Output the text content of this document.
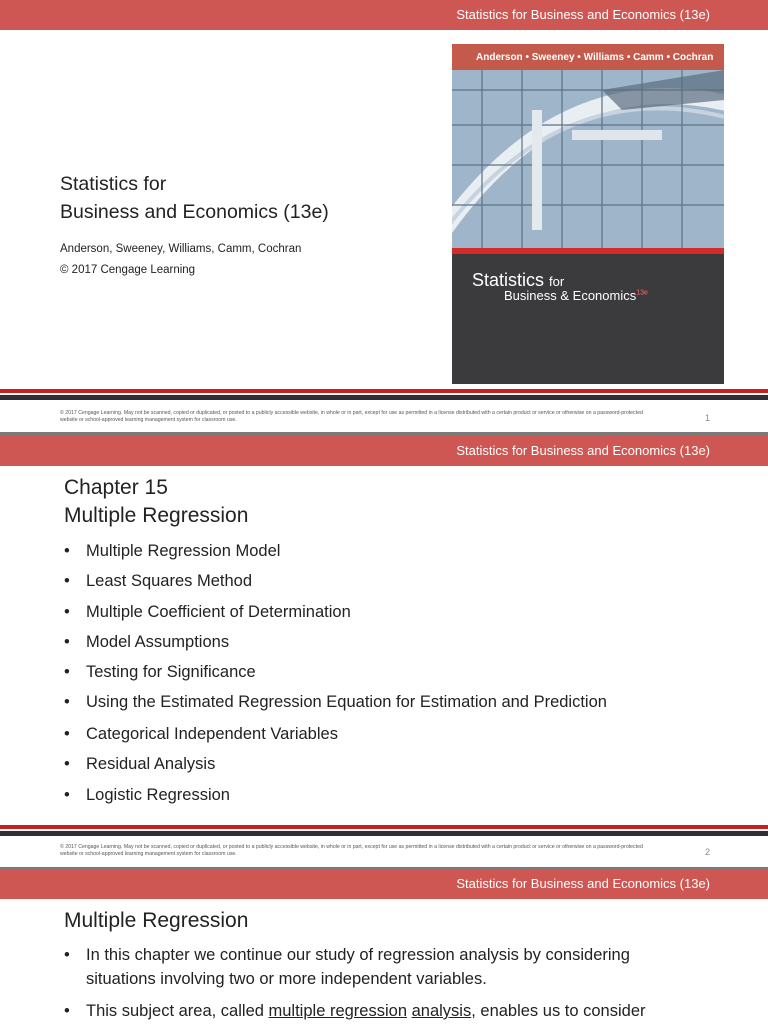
Statistics for Business and Economics (13e)
Statistics for
Business and Economics (13e)
Anderson, Sweeney, Williams, Camm, Cochran
© 2017 Cengage Learning
Anderson • Sweeney • Williams • Camm • Cochran
Statistics for
Business & Economics$^{13e}$
© 2017 Cengage Learning. May not be scanned, copied or duplicated, or posted to a publicly accessible website, in whole or in part, except for use as permitted in a license distributed with a certain product or service or otherwise on a password-protected website or school-approved learning management system for classroom use.	1
Statistics for Business and Economics (13e)
Chapter 15
Multiple Regression
• Multiple Regression Model
• Least Squares Method
• Multiple Coefficient of Determination
• Model Assumptions
• Testing for Significance
• Using the Estimated Regression Equation for Estimation and Prediction
• Categorical Independent Variables
• Residual Analysis
• Logistic Regression
© 2017 Cengage Learning. May not be scanned, copied or duplicated, or posted to a publicly accessible website, in whole or in part, except for use as permitted in a license distributed with a certain product or service or otherwise on a password-protected website or school-approved learning management system for classroom use.	2
Statistics for Business and Economics (13e)
Multiple Regression
• In this chapter we continue our study of regression analysis by considering situations involving two or more independent variables.
• This subject area, called multiple regression analysis, enables us to consider
